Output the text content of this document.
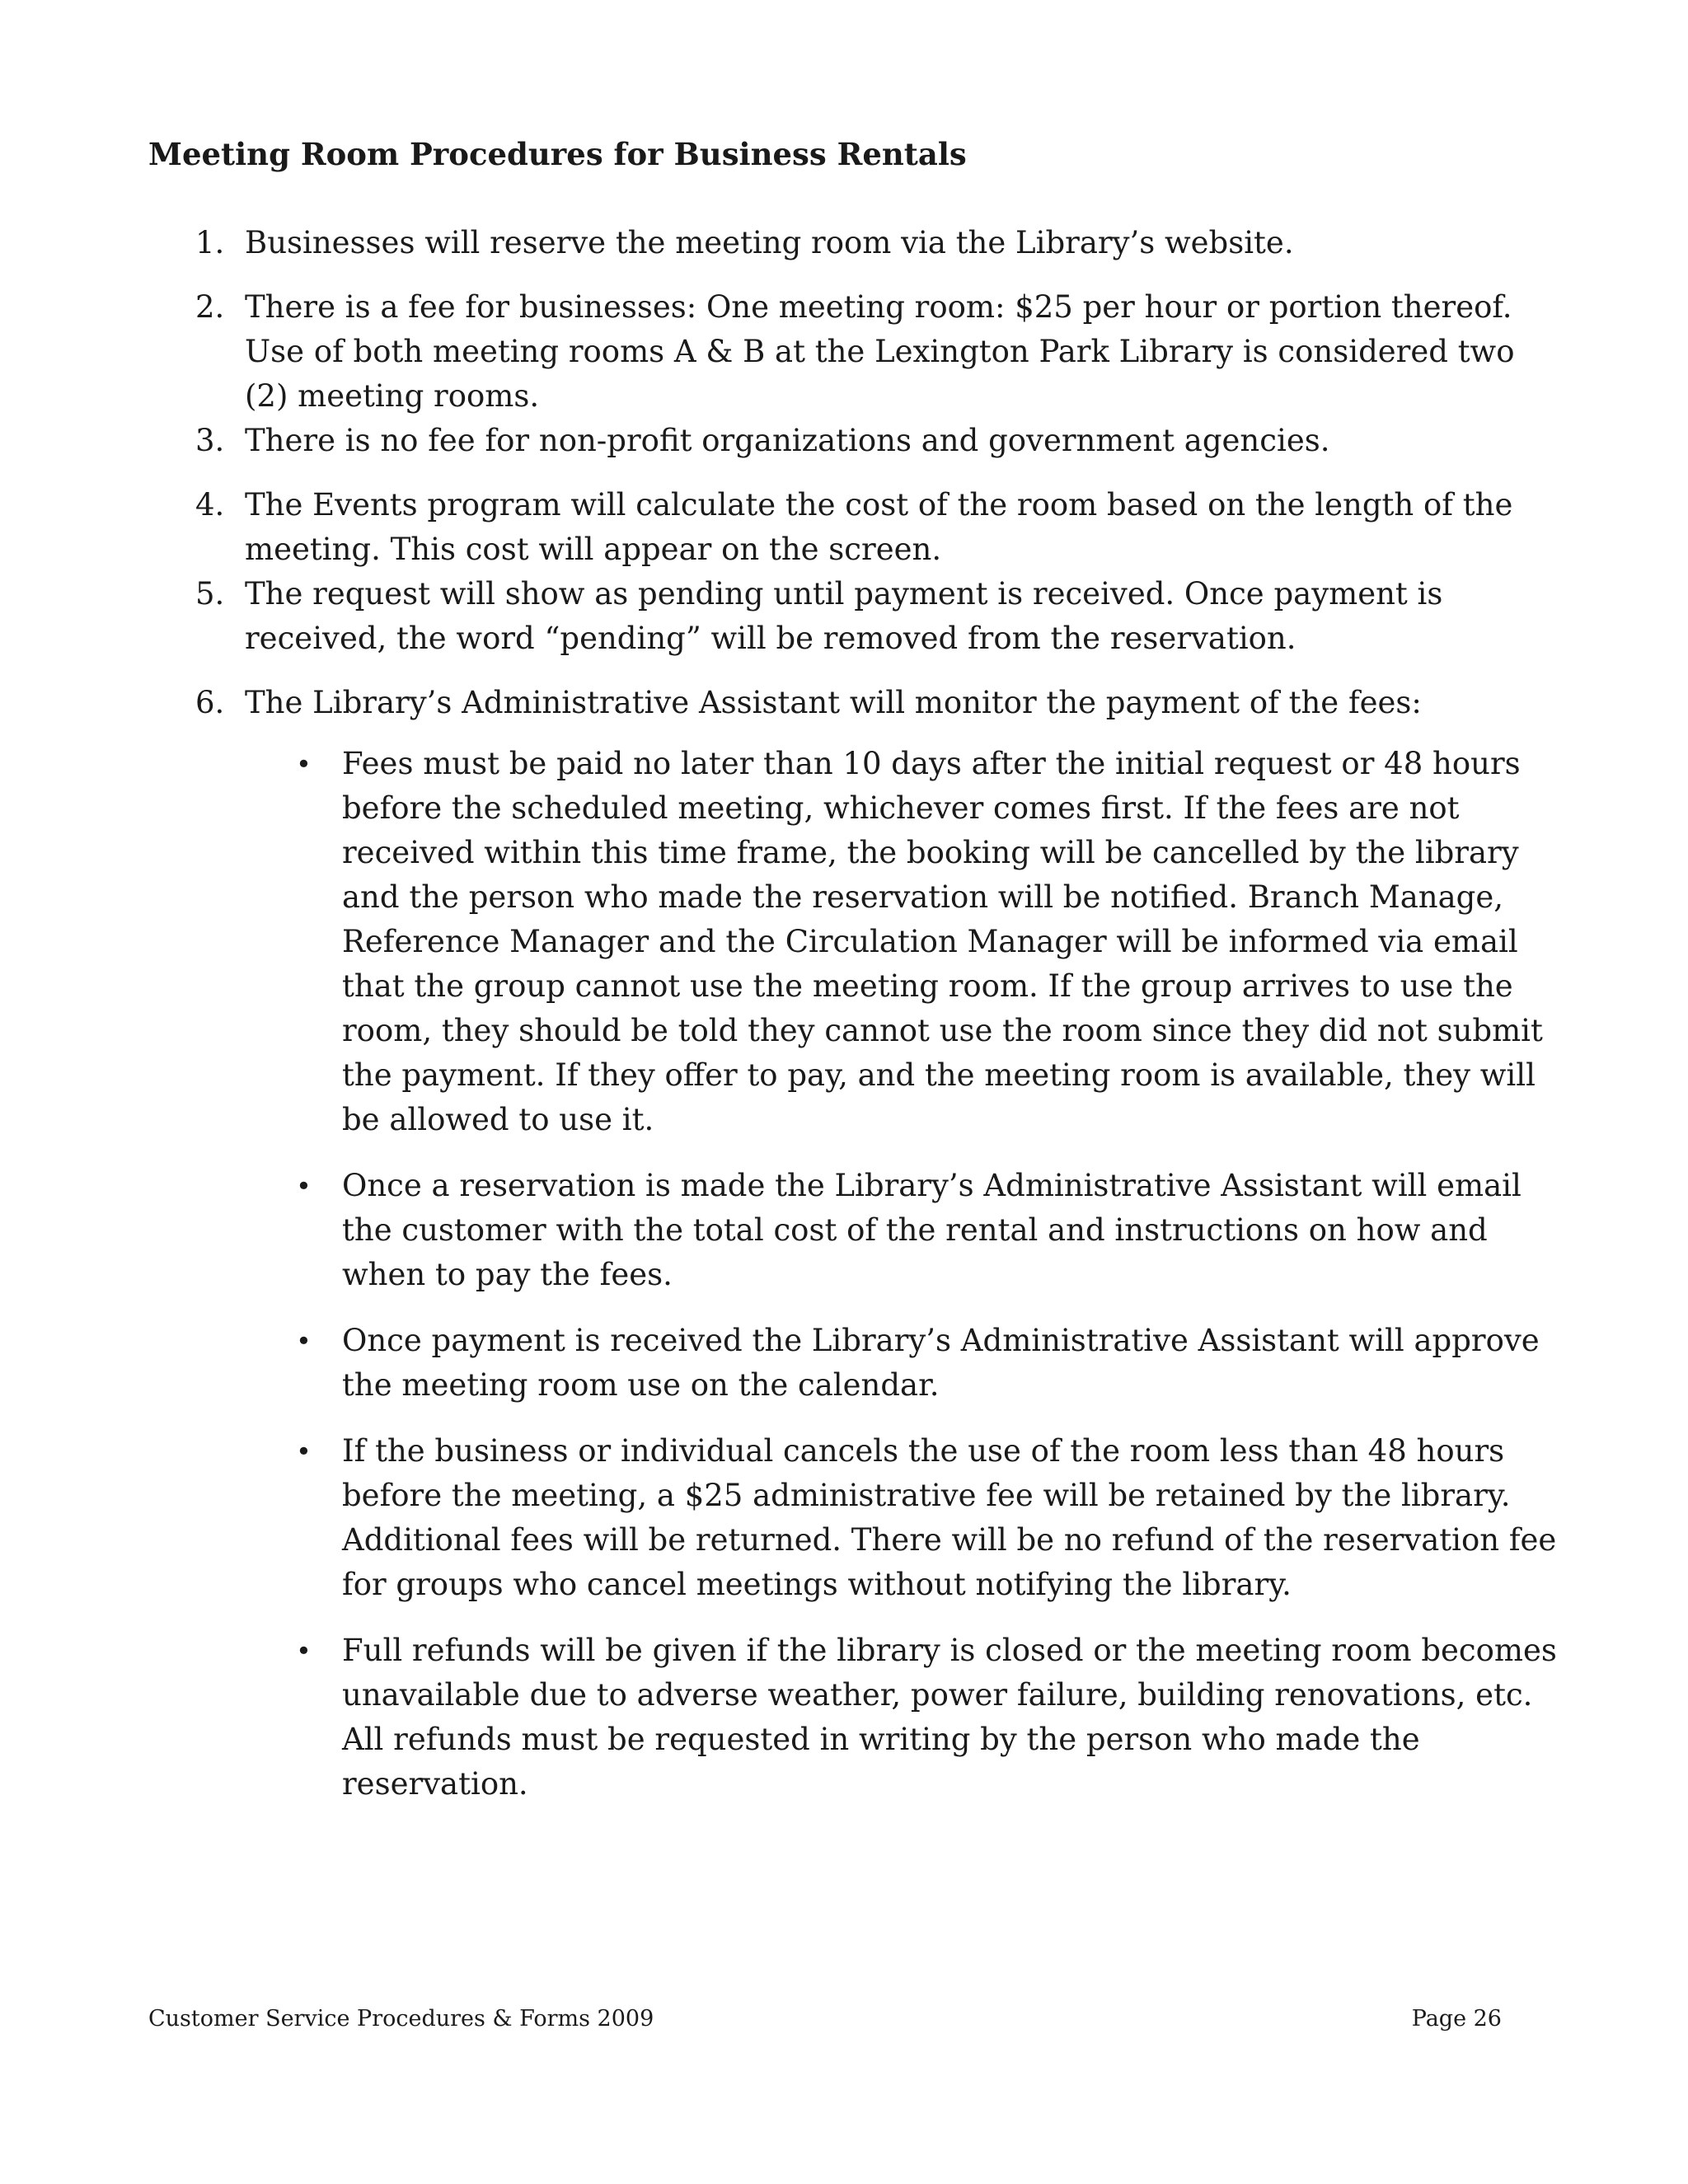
Meeting Room Procedures for Business Rentals
1. Businesses will reserve the meeting room via the Library’s website.
2. There is a fee for businesses: One meeting room: $25 per hour or portion thereof. Use of both meeting rooms A & B at the Lexington Park Library is considered two (2) meeting rooms.
3. There is no fee for non-profit organizations and government agencies.
4. The Events program will calculate the cost of the room based on the length of the meeting. This cost will appear on the screen.
5. The request will show as pending until payment is received. Once payment is received, the word “pending” will be removed from the reservation.
6. The Library’s Administrative Assistant will monitor the payment of the fees:
• Fees must be paid no later than 10 days after the initial request or 48 hours before the scheduled meeting, whichever comes first. If the fees are not received within this time frame, the booking will be cancelled by the library and the person who made the reservation will be notified. Branch Manage, Reference Manager and the Circulation Manager will be informed via email that the group cannot use the meeting room. If the group arrives to use the room, they should be told they cannot use the room since they did not submit the payment. If they offer to pay, and the meeting room is available, they will be allowed to use it.
• Once a reservation is made the Library’s Administrative Assistant will email the customer with the total cost of the rental and instructions on how and when to pay the fees.
• Once payment is received the Library’s Administrative Assistant will approve the meeting room use on the calendar.
• If the business or individual cancels the use of the room less than 48 hours before the meeting, a $25 administrative fee will be retained by the library. Additional fees will be returned. There will be no refund of the reservation fee for groups who cancel meetings without notifying the library.
• Full refunds will be given if the library is closed or the meeting room becomes unavailable due to adverse weather, power failure, building renovations, etc. All refunds must be requested in writing by the person who made the reservation.
Customer Service Procedures & Forms 2009	Page 26
